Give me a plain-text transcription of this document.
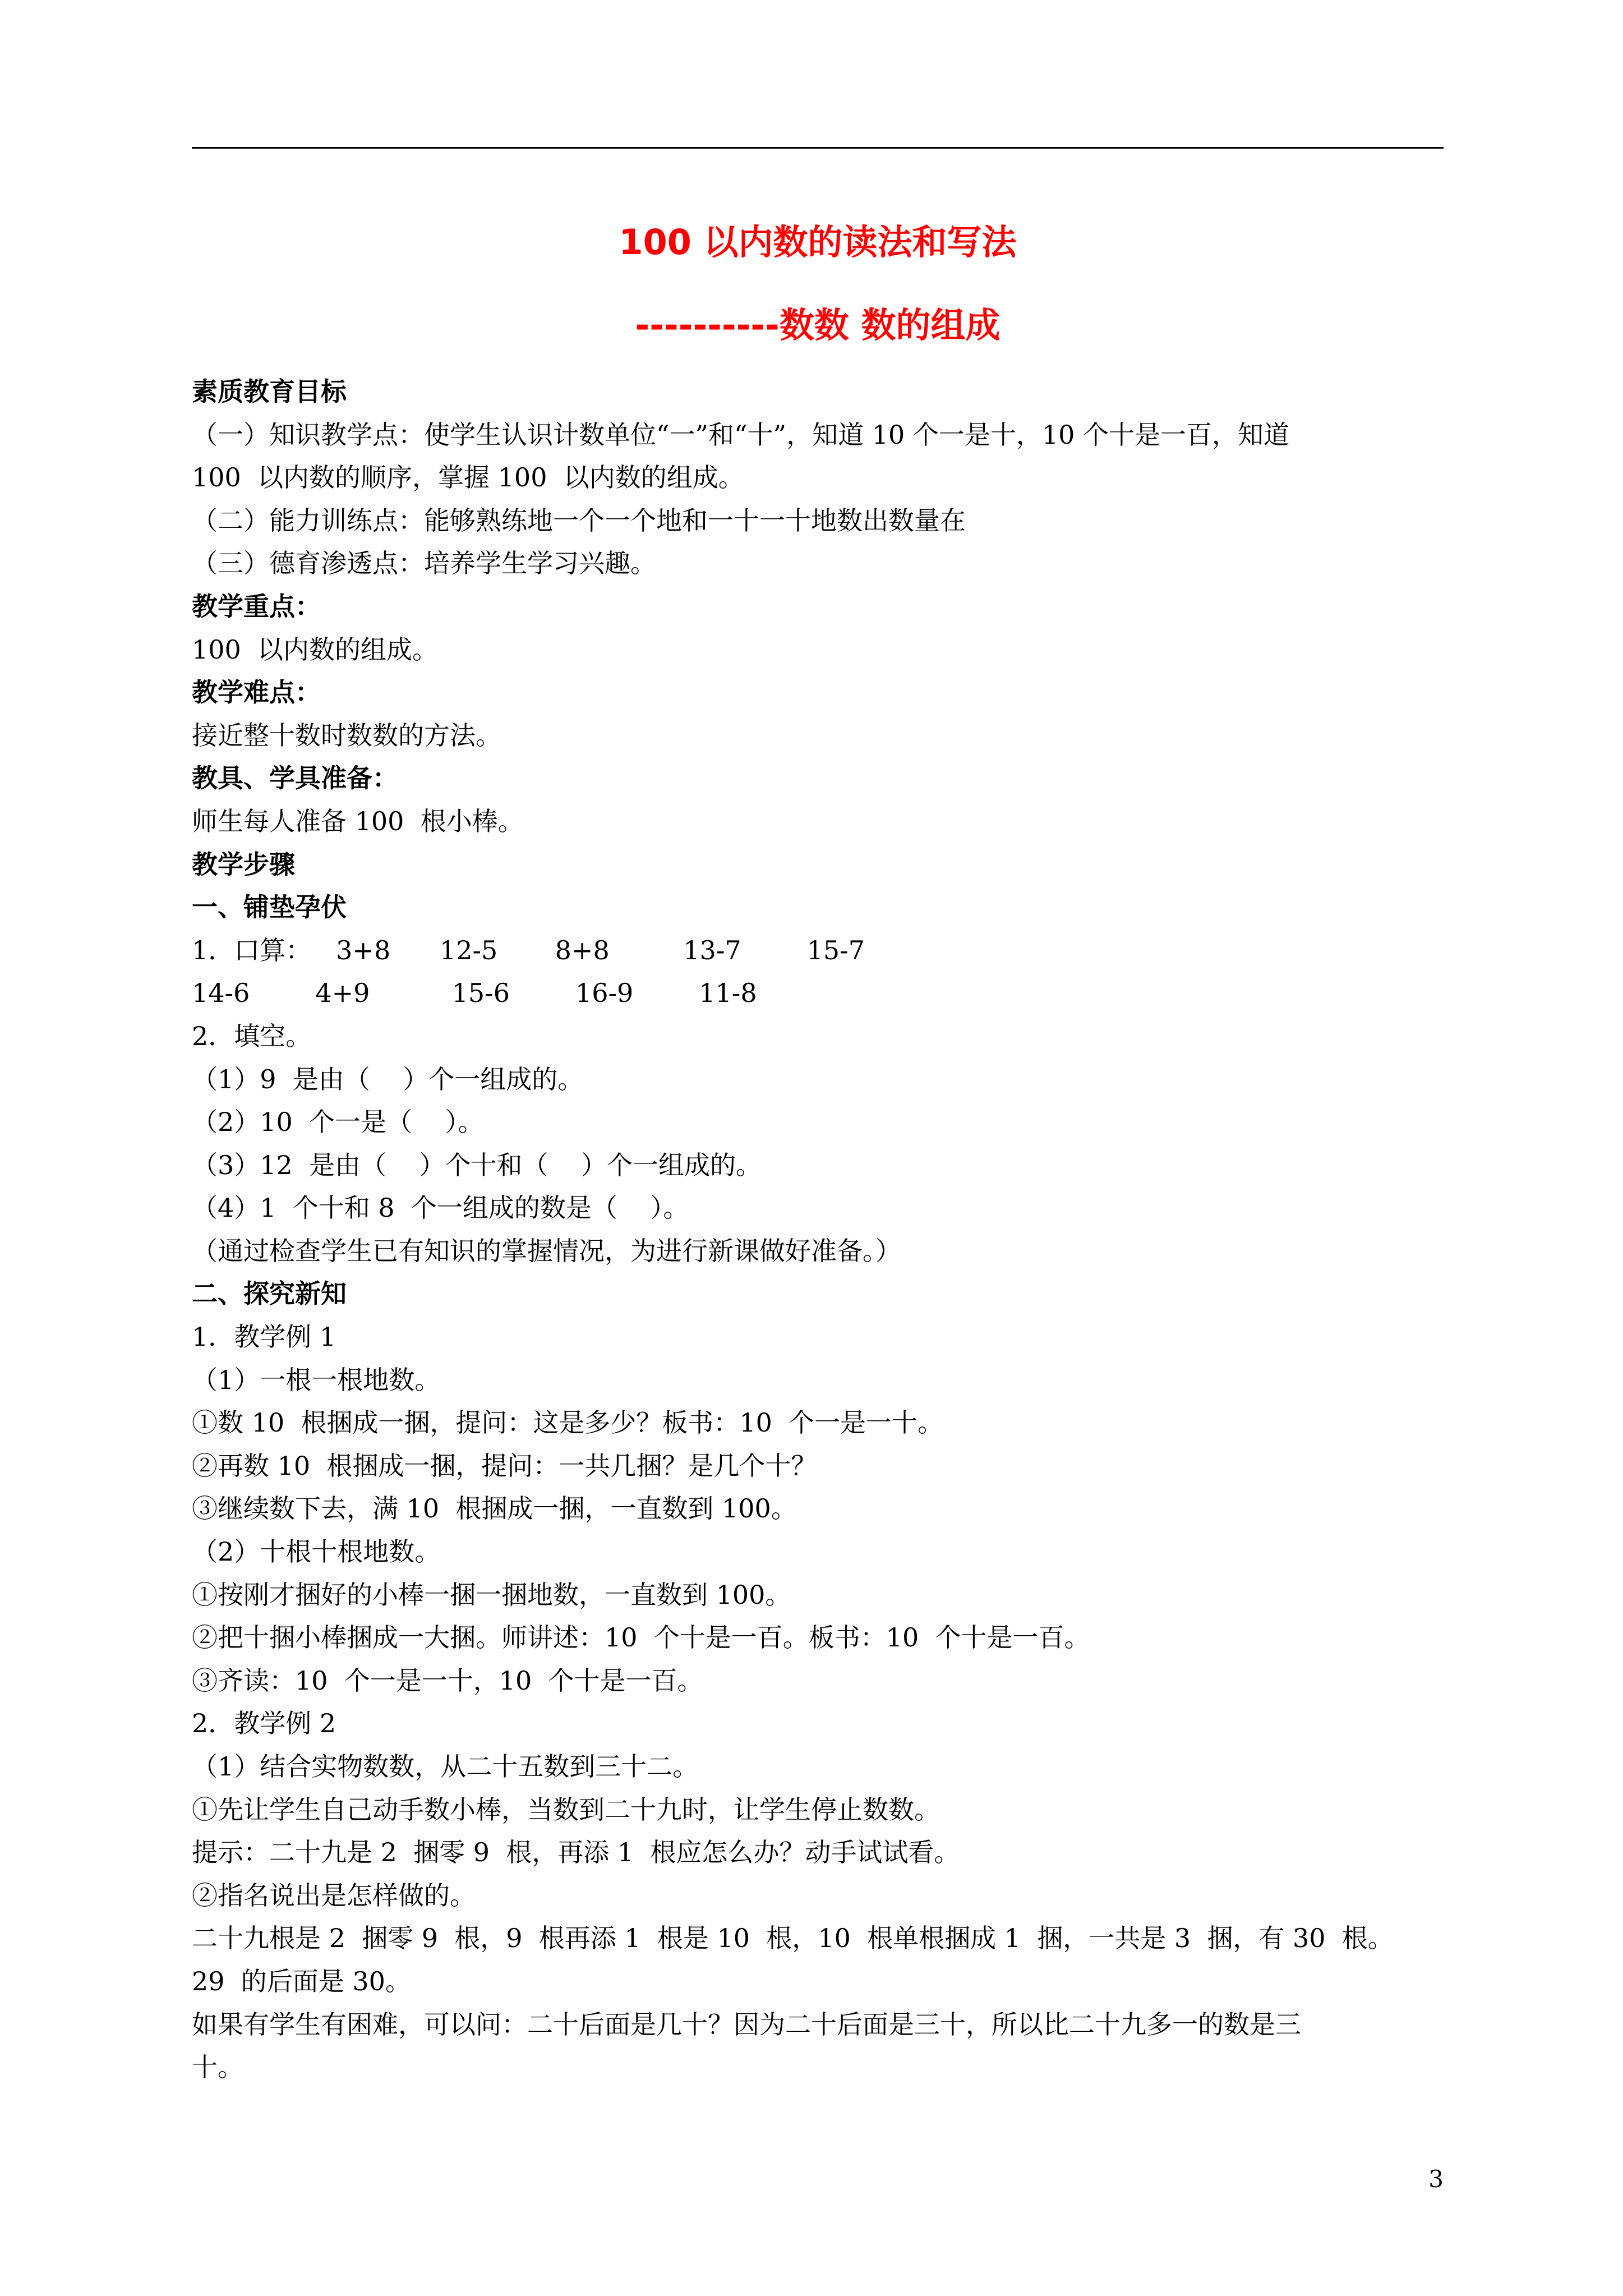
100 以内数的读法和写法
----------数数 数的组成
素质教育目标
（一）知识教学点：使学生认识计数单位“一”和“十”，知道 10 个一是十，10 个十是一百，知道
100  以内数的顺序，掌握 100  以内数的组成。
（二）能力训练点：能够熟练地一个一个地和一十一十地数出数量在
（三）德育渗透点：培养学生学习兴趣。
教学重点：
100  以内数的组成。
教学难点：
接近整十数时数数的方法。
教具、学具准备：
师生每人准备 100  根小棒。
教学步骤
一、铺垫孕伏
1．口算：   3+8      12-5       8+8         13-7        15-7
14-6        4+9          15-6        16-9        11-8
2．填空。
（1）9  是由（    ）个一组成的。
（2）10  个一是（    ）。
（3）12  是由（    ）个十和（    ）个一组成的。
（4）1  个十和 8  个一组成的数是（    ）。
（通过检查学生已有知识的掌握情况，为进行新课做好准备。）
二、探究新知
1．教学例 1
（1）一根一根地数。
①数 10  根捆成一捆，提问：这是多少？板书：10  个一是一十。
②再数 10  根捆成一捆，提问：一共几捆？是几个十？
③继续数下去，满 10  根捆成一捆，一直数到 100。
（2）十根十根地数。
①按刚才捆好的小棒一捆一捆地数，一直数到 100。
②把十捆小棒捆成一大捆。师讲述：10  个十是一百。板书：10  个十是一百。
③齐读：10  个一是一十，10  个十是一百。
2．教学例 2
（1）结合实物数数，从二十五数到三十二。
①先让学生自己动手数小棒，当数到二十九时，让学生停止数数。
提示：二十九是 2  捆零 9  根，再添 1  根应怎么办？动手试试看。
②指名说出是怎样做的。
二十九根是 2  捆零 9  根，9  根再添 1  根是 10  根，10  根单根捆成 1  捆，一共是 3  捆，有 30  根。
29  的后面是 30。
如果有学生有困难，可以问：二十后面是几十？因为二十后面是三十，所以比二十九多一的数是三
十。
3
